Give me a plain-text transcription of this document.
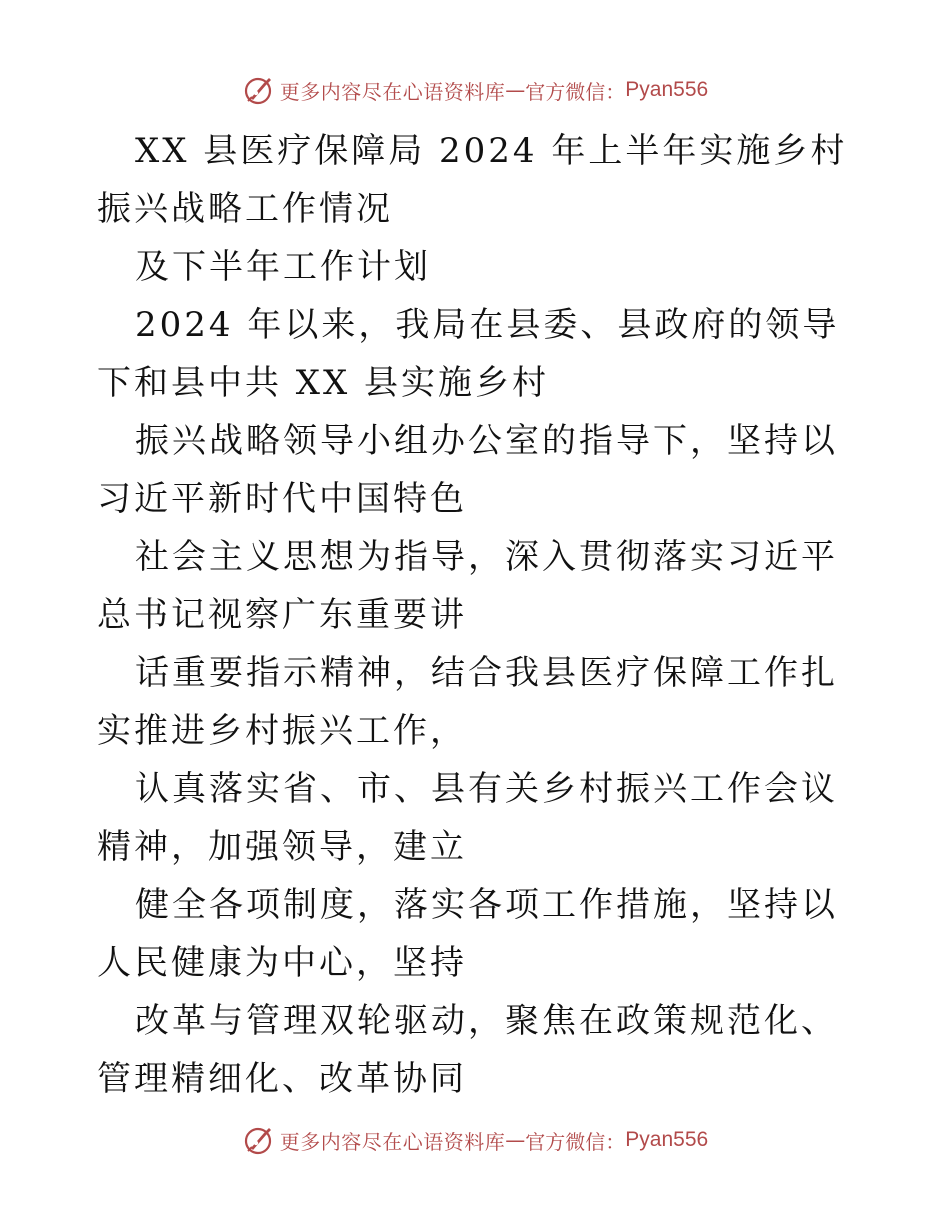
更多内容尽在心语资料库 — 官方微信： Pyan556

XX 县医疗保障局 2024 年上半年实施乡村振兴战略工作情况

及下半年工作计划

2024 年以来，我局在县委、县政府的领导下和县中共 XX 县实施乡村

振兴战略领导小组办公室的指导下，坚持以习近平新时代中国特色

社会主义思想为指导，深入贯彻落实习近平总书记视察广东重要讲

话重要指示精神，结合我县医疗保障工作扎实推进乡村振兴工作，

认真落实省、市、县有关乡村振兴工作会议精神，加强领导，建立

健全各项制度，落实各项工作措施，坚持以人民健康为中心，坚持

改革与管理双轮驱动，聚焦在政策规范化、管理精细化、改革协同

更多内容尽在心语资料库 — 官方微信： Pyan556
